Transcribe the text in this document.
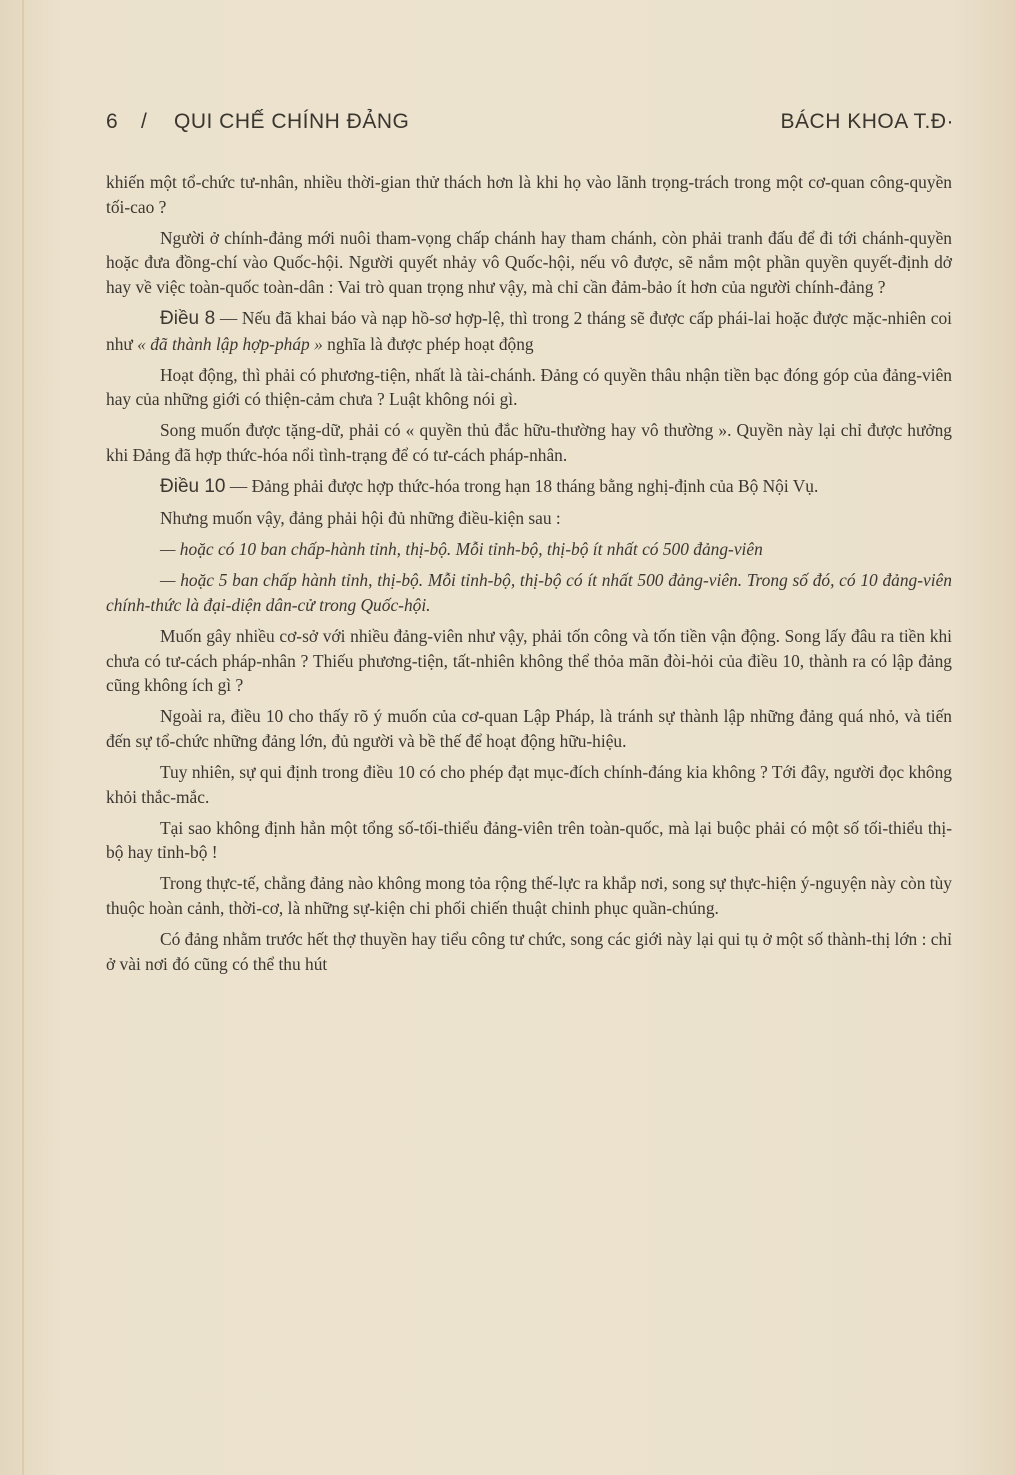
6 / QUI CHẾ CHÍNH ĐẢNG	BÁCH KHOA T.Đ·

khiến một tổ-chức tư-nhân, nhiều thời-gian thử thách hơn là khi họ vào lãnh trọng-trách trong một cơ-quan công-quyền tối-cao ?

Người ở chính-đảng mới nuôi tham-vọng chấp chánh hay tham chánh, còn phải tranh đấu để đi tới chánh-quyền hoặc đưa đồng-chí vào Quốc-hội. Người quyết nhảy vô Quốc-hội, nếu vô được, sẽ nắm một phần quyền quyết-định dở hay về việc toàn-quốc toàn-dân : Vai trò quan trọng như vậy, mà chỉ cần đảm-bảo ít hơn của người chính-đảng ?

Điều 8 — Nếu đã khai báo và nạp hồ-sơ hợp-lệ, thì trong 2 tháng sẽ được cấp phái-lai hoặc được mặc-nhiên coi như « đã thành lập hợp-pháp » nghĩa là được phép hoạt động

Hoạt động, thì phải có phương-tiện, nhất là tài-chánh. Đảng có quyền thâu nhận tiền bạc đóng góp của đảng-viên hay của những giới có thiện-cảm chưa ? Luật không nói gì.

Song muốn được tặng-dữ, phải có « quyền thủ đắc hữu-thường hay vô thường ». Quyền này lại chỉ được hưởng khi Đảng đã hợp thức-hóa nổi tình-trạng để có tư-cách pháp-nhân.

Điều 10 — Đảng phải được hợp thức-hóa trong hạn 18 tháng bằng nghị-định của Bộ Nội Vụ.

Nhưng muốn vậy, đảng phải hội đủ những điều-kiện sau :

— hoặc có 10 ban chấp-hành tỉnh, thị-bộ. Mỗi tỉnh-bộ, thị-bộ ít nhất có 500 đảng-viên

— hoặc 5 ban chấp hành tỉnh, thị-bộ. Mỗi tỉnh-bộ, thị-bộ có ít nhất 500 đảng-viên. Trong số đó, có 10 đảng-viên chính-thức là đại-diện dân-cử trong Quốc-hội.

Muốn gây nhiều cơ-sở với nhiều đảng-viên như vậy, phải tốn công và tốn tiền vận động. Song lấy đâu ra tiền khi chưa có tư-cách pháp-nhân ? Thiếu phương-tiện, tất-nhiên không thể thỏa mãn đòi-hỏi của điều 10, thành ra có lập đảng cũng không ích gì ?

Ngoài ra, điều 10 cho thấy rõ ý muốn của cơ-quan Lập Pháp, là tránh sự thành lập những đảng quá nhỏ, và tiến đến sự tổ-chức những đảng lớn, đủ người và bề thế để hoạt động hữu-hiệu.

Tuy nhiên, sự qui định trong điều 10 có cho phép đạt mục-đích chính-đáng kia không ? Tới đây, người đọc không khỏi thắc-mắc.

Tại sao không định hẳn một tổng số-tối-thiểu đảng-viên trên toàn-quốc, mà lại buộc phải có một số tối-thiểu thị-bộ hay tỉnh-bộ !

Trong thực-tế, chẳng đảng nào không mong tỏa rộng thế-lực ra khắp nơi, song sự thực-hiện ý-nguyện này còn tùy thuộc hoàn cảnh, thời-cơ, là những sự-kiện chi phối chiến thuật chinh phục quần-chúng.

Có đảng nhằm trước hết thợ thuyền hay tiểu công tư chức, song các giới này lại qui tụ ở một số thành-thị lớn : chỉ ở vài nơi đó cũng có thể thu hút
